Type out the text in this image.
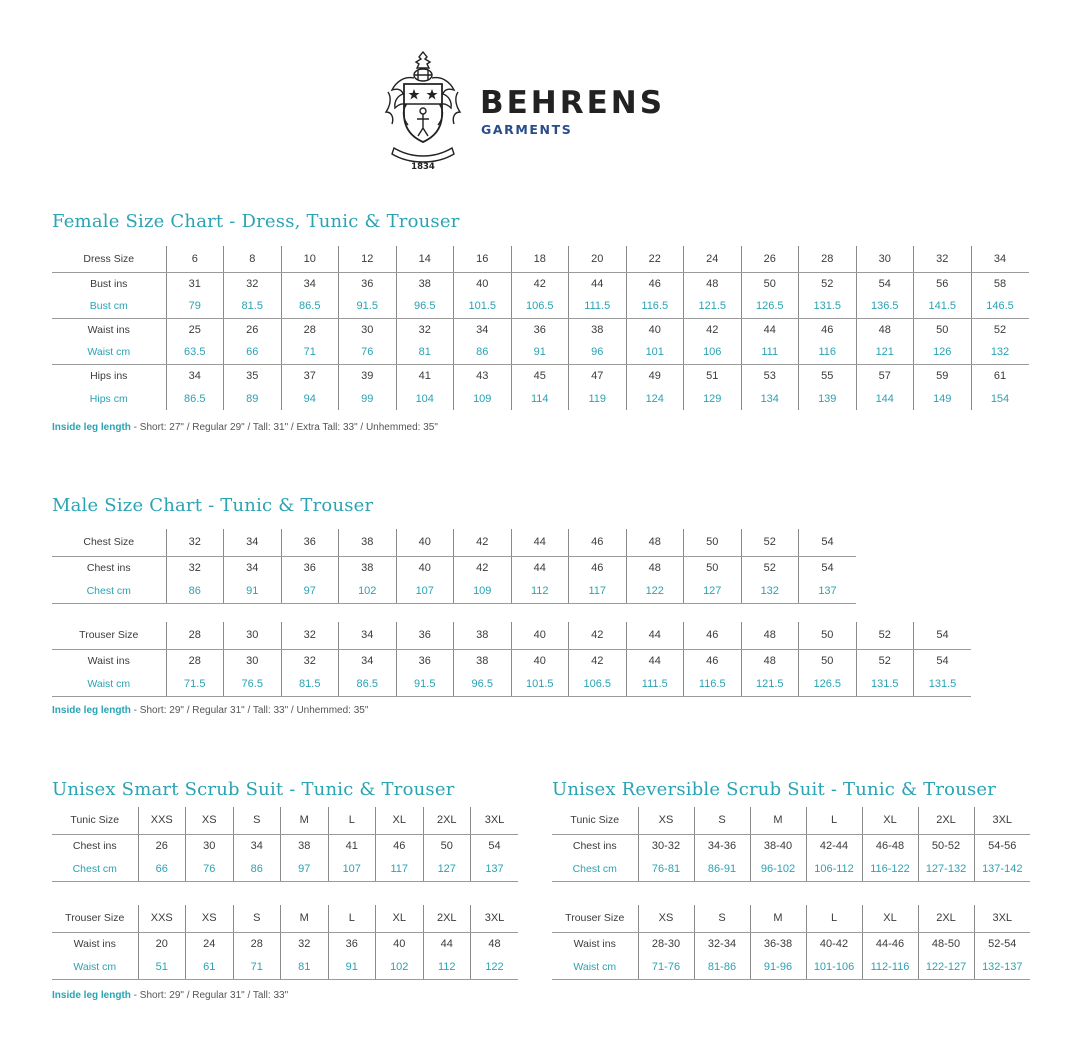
1834
BEHRENS
GARMENTS
Female Size Chart - Dress, Tunic & Trouser
Dress Size	6	8	10	12	14	16	18	20	22	24	26	28	30	32	34
Bust ins	31	32	34	36	38	40	42	44	46	48	50	52	54	56	58
Bust cm	79	81.5	86.5	91.5	96.5	101.5	106.5	111.5	116.5	121.5	126.5	131.5	136.5	141.5	146.5
Waist ins	25	26	28	30	32	34	36	38	40	42	44	46	48	50	52
Waist cm	63.5	66	71	76	81	86	91	96	101	106	111	116	121	126	132
Hips ins	34	35	37	39	41	43	45	47	49	51	53	55	57	59	61
Hips cm	86.5	89	94	99	104	109	114	119	124	129	134	139	144	149	154
Inside leg length - Short: 27" / Regular 29" / Tall: 31" / Extra Tall: 33" / Unhemmed: 35"
Male Size Chart - Tunic & Trouser
Chest Size	32	34	36	38	40	42	44	46	48	50	52	54
Chest ins	32	34	36	38	40	42	44	46	48	50	52	54
Chest cm	86	91	97	102	107	109	112	117	122	127	132	137
Trouser Size	28	30	32	34	36	38	40	42	44	46	48	50	52	54
Waist ins	28	30	32	34	36	38	40	42	44	46	48	50	52	54
Waist cm	71.5	76.5	81.5	86.5	91.5	96.5	101.5	106.5	111.5	116.5	121.5	126.5	131.5	131.5
Inside leg length - Short: 29" / Regular 31" / Tall: 33" / Unhemmed: 35"
Unisex Smart Scrub Suit - Tunic & Trouser
Tunic Size	XXS	XS	S	M	L	XL	2XL	3XL
Chest ins	26	30	34	38	41	46	50	54
Chest cm	66	76	86	97	107	117	127	137
Trouser Size	XXS	XS	S	M	L	XL	2XL	3XL
Waist ins	20	24	28	32	36	40	44	48
Waist cm	51	61	71	81	91	102	112	122
Inside leg length - Short: 29" / Regular 31" / Tall: 33"
Unisex Reversible Scrub Suit - Tunic & Trouser
Tunic Size	XS	S	M	L	XL	2XL	3XL
Chest ins	30-32	34-36	38-40	42-44	46-48	50-52	54-56
Chest cm	76-81	86-91	96-102	106-112	116-122	127-132	137-142
Trouser Size	XS	S	M	L	XL	2XL	3XL
Waist ins	28-30	32-34	36-38	40-42	44-46	48-50	52-54
Waist cm	71-76	81-86	91-96	101-106	112-116	122-127	132-137
